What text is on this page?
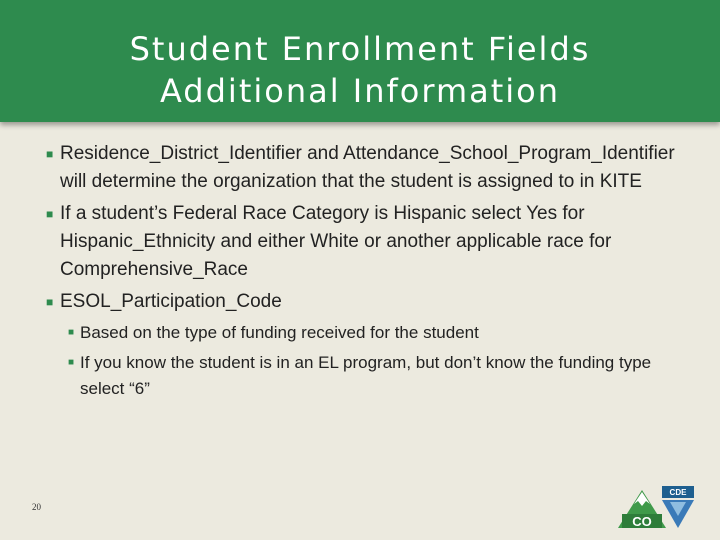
Student Enrollment Fields
Additional Information
■ Residence_District_Identifier and Attendance_School_Program_Identifier will determine the organization that the student is assigned to in KITE
■ If a student’s Federal Race Category is Hispanic select Yes for Hispanic_Ethnicity and either White or another applicable race for Comprehensive_Race
■ ESOL_Participation_Code
■ Based on the type of funding received for the student
■ If you know the student is in an EL program, but don’t know the funding type select “6”
20
CO
CDE
